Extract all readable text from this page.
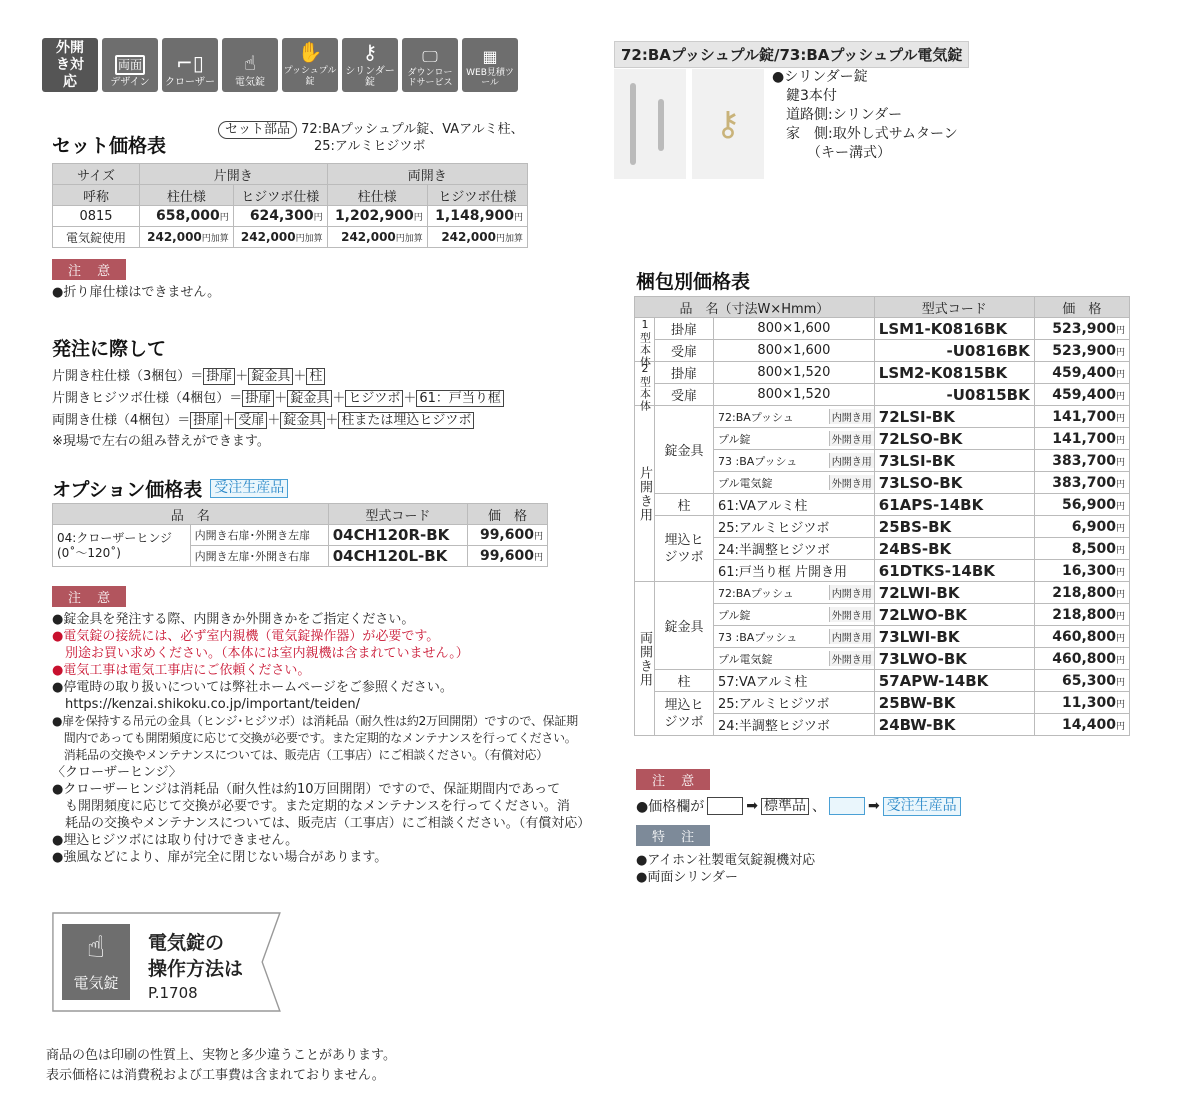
外開き対応
両面
デザイン
⌐▯
クローザー
☝
電気錠
✋
プッシュプル錠
⚷
シリンダー錠
🖵
ダウンロードサービス
▦
WEB見積ツール
セット価格表
セット部品 72:BAプッシュプル錠、VAアルミ柱、
25:アルミヒジツボ
サイズ	片開き		両開き	
呼称	柱仕様	ヒジツボ仕様	柱仕様	ヒジツボ仕様
0815	658,000円	624,300円	1,202,900円	1,148,900円
電気錠使用	242,000円加算	242,000円加算	242,000円加算	242,000円加算
注 意
●折り扉仕様はできません。
発注に際して
片開き柱仕様（3梱包）＝ 掛扉 ＋ 錠金具 ＋ 柱
片開きヒジツボ仕様（4梱包）＝ 掛扉 ＋ 錠金具 ＋ ヒジツボ ＋ 61：戸当り框
両開き仕様（4梱包）＝ 掛扉 ＋ 受扉 ＋ 錠金具 ＋ 柱または埋込ヒジツボ
※現場で左右の組み替えができます。
オプション価格表 受注生産品
品　名		型式コード	価　格
04:クローザーヒンジ
(0˚〜120˚)	内開き右扉･外開き左扉	04CH120R-BK	99,600円
	内開き左扉･外開き右扉	04CH120L-BK	99,600円
注 意
●錠金具を発注する際、内開きか外開きかをご指定ください。
●電気錠の接続には、必ず室内親機（電気錠操作器）が必要です。
　別途お買い求めください。（本体には室内親機は含まれていません。）
●電気工事は電気工事店にご依頼ください。
●停電時の取り扱いについては弊社ホームページをご参照ください。
　https://kenzai.shikoku.co.jp/important/teiden/
●扉を保持する吊元の金具（ヒンジ･ヒジツボ）は消耗品（耐久性は約2万回開閉）ですので、保証期
　間内であっても開閉頻度に応じて交換が必要です。また定期的なメンテナンスを行ってください。
　消耗品の交換やメンテナンスについては、販売店（工事店）にご相談ください。（有償対応）
〈クローザーヒンジ〉
●クローザーヒンジは消耗品（耐久性は約10万回開閉）ですので、保証期間内であって
　も開閉頻度に応じて交換が必要です。また定期的なメンテナンスを行ってください。消
　耗品の交換やメンテナンスについては、販売店（工事店）にご相談ください。（有償対応）
●埋込ヒジツボには取り付けできません。
●強風などにより、扉が完全に閉じない場合があります。
☝
電気錠
電気錠の
操作方法は
P.1708
商品の色は印刷の性質上、実物と多少違うことがあります。
表示価格には消費税および工事費は含まれておりません。
72:BAプッシュプル錠/73:BAプッシュプル電気錠
⚷
●シリンダー錠
　鍵3本付
　道路側:シリンダー
　家　側:取外し式サムターン
　　　（キー溝式）
梱包別価格表
品　名（寸法W×Hmm）			型式コード	価　格
1型本体	掛扉	800×1,600	LSM1-K0816BK	523,900円
	受扉	800×1,600	-U0816BK	523,900円
2型本体	掛扉	800×1,520	LSM2-K0815BK	459,400円
	受扉	800×1,520	-U0815BK	459,400円
片開き用	錠金具	72:BAプッシュ 内開き用	72LSI-BK	141,700円
		プル錠 外開き用	72LSO-BK	141,700円
		73 :BAプッシュ 内開き用	73LSI-BK	383,700円
		プル電気錠 外開き用	73LSO-BK	383,700円
	柱	61:VAアルミ柱	61APS-14BK	56,900円
	埋込ヒジツボ	25:アルミヒジツボ	25BS-BK	6,900円
		24:半調整ヒジツボ	24BS-BK	8,500円
		61:戸当り框 片開き用	61DTKS-14BK	16,300円
両開き用	錠金具	72:BAプッシュ 内開き用	72LWI-BK	218,800円
		プル錠 外開き用	72LWO-BK	218,800円
		73 :BAプッシュ 内開き用	73LWI-BK	460,800円
		プル電気錠 外開き用	73LWO-BK	460,800円
	柱	57:VAアルミ柱	57APW-14BK	65,300円
	埋込ヒジツボ	25:アルミヒジツボ	25BW-BK	11,300円
		24:半調整ヒジツボ	24BW-BK	14,400円
注 意
●価格欄が	➡ 標準品 、	➡ 受注生産品
特 注
●アイホン社製電気錠親機対応
●両面シリンダー
